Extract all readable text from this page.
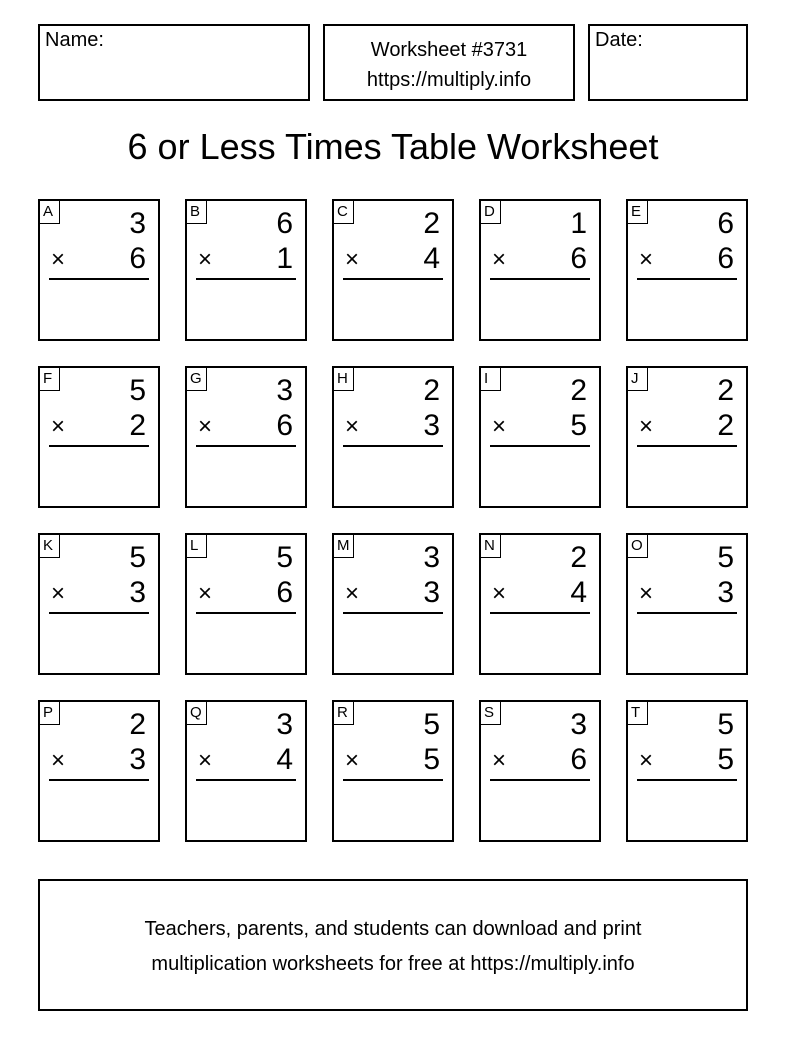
Name:	Worksheet #3731
https://multiply.info
Date:
6 or Less Times Table Worksheet
A	3
× 6
B	6
× 1
C	2
× 4
D	1
× 6
E	6
× 6
F	5
× 2
G 3
× 6
H	2
× 3
I	2
× 5
J	2
× 2
K	5
× 3
L	5
× 6
M 3
× 3
N	2
× 4
O 5
× 3
P	2
× 3
Q 3
× 4
R	5
× 5
S	3
× 6
T	5
× 5
Teachers, parents, and students can download and print
multiplication worksheets for free at https://multiply.info
